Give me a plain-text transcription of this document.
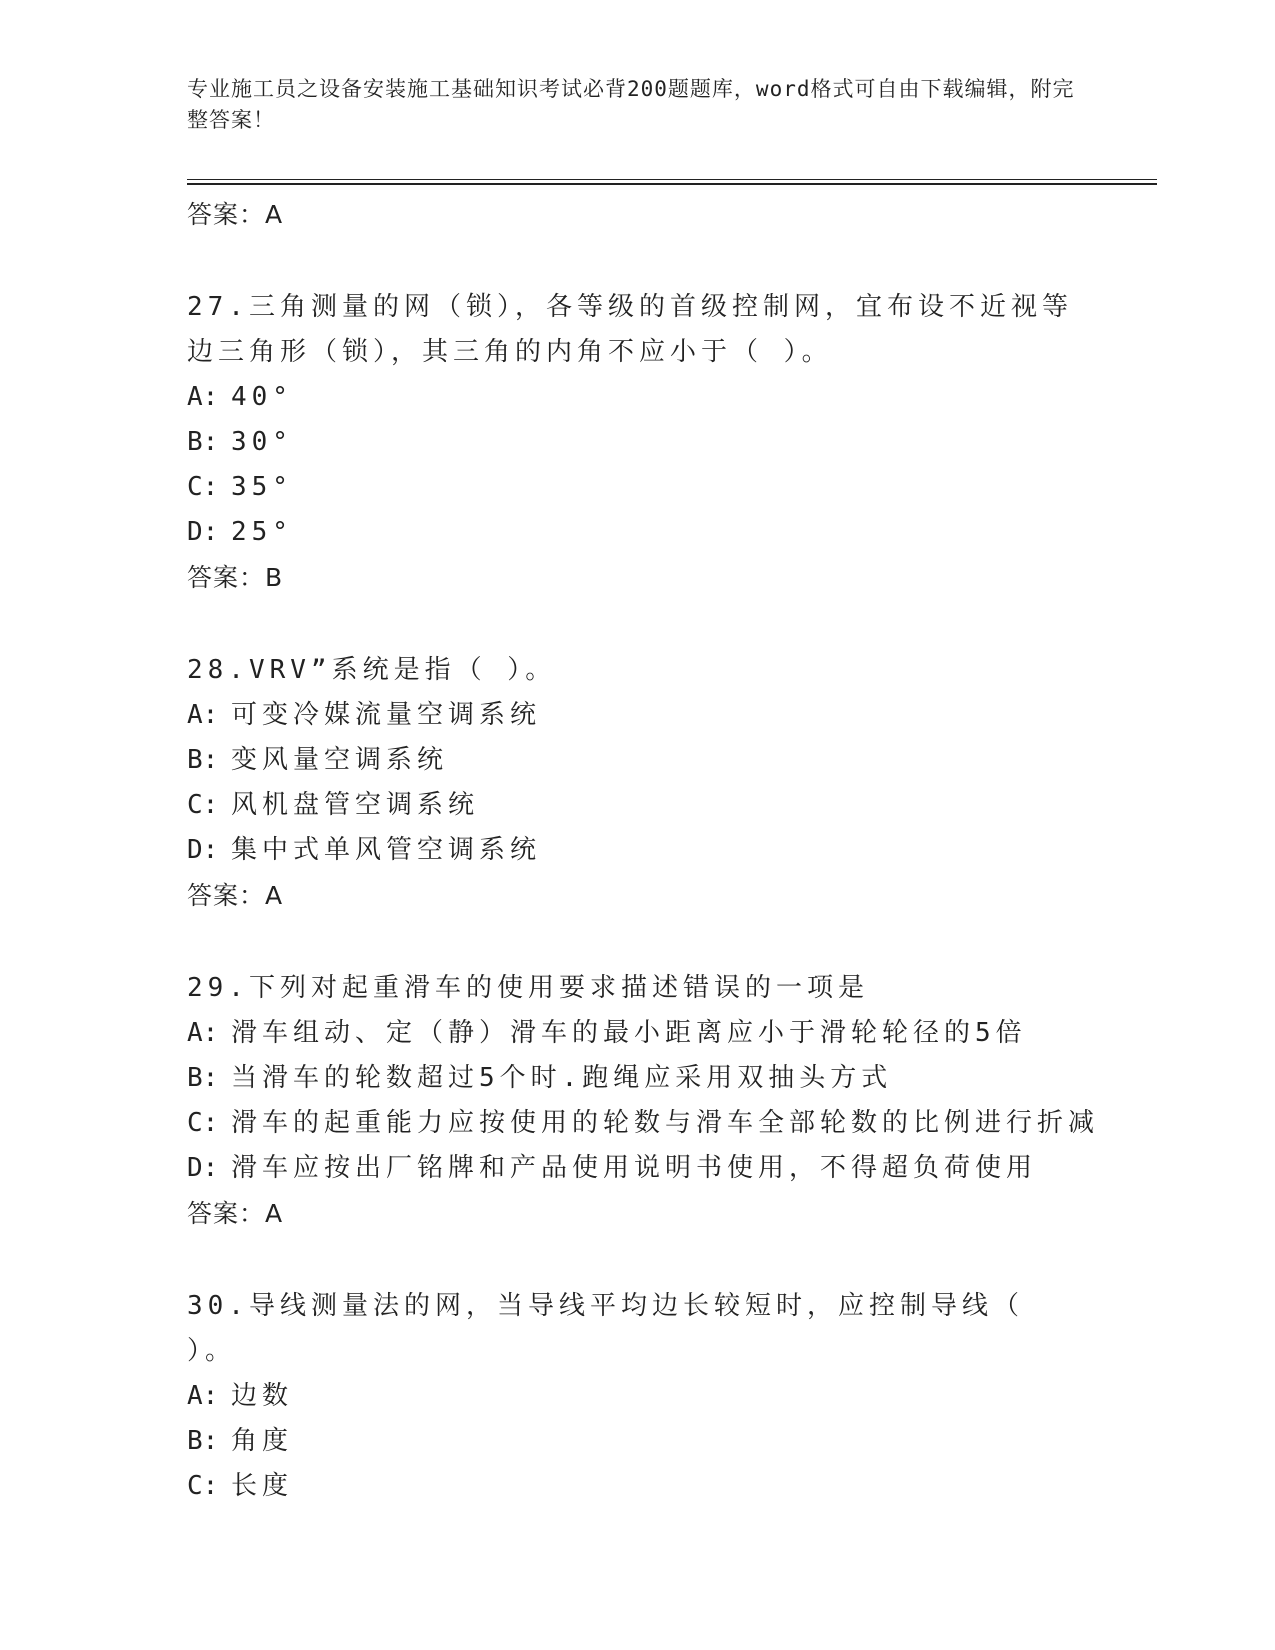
专业施工员之设备安装施工基础知识考试必背200题题库，word格式可自由下载编辑，附完整答案！
答案：A
27.三角测量的网（锁），各等级的首级控制网，宜布设不近视等边三角形（锁），其三角的内角不应小于（ ）。
A: 40°
B: 30°
C: 35°
D: 25°
答案：B
28.VRV”系统是指（ ）。
A: 可变冷媒流量空调系统
B: 变风量空调系统
C: 风机盘管空调系统
D: 集中式单风管空调系统
答案：A
29.下列对起重滑车的使用要求描述错误的一项是
A: 滑车组动、定（静）滑车的最小距离应小于滑轮轮径的5倍
B: 当滑车的轮数超过5个时.跑绳应采用双抽头方式
C: 滑车的起重能力应按使用的轮数与滑车全部轮数的比例进行折减
D: 滑车应按出厂铭牌和产品使用说明书使用，不得超负荷使用
答案：A
30.导线测量法的网，当导线平均边长较短时，应控制导线（ ）。
A: 边数
B: 角度
C: 长度
